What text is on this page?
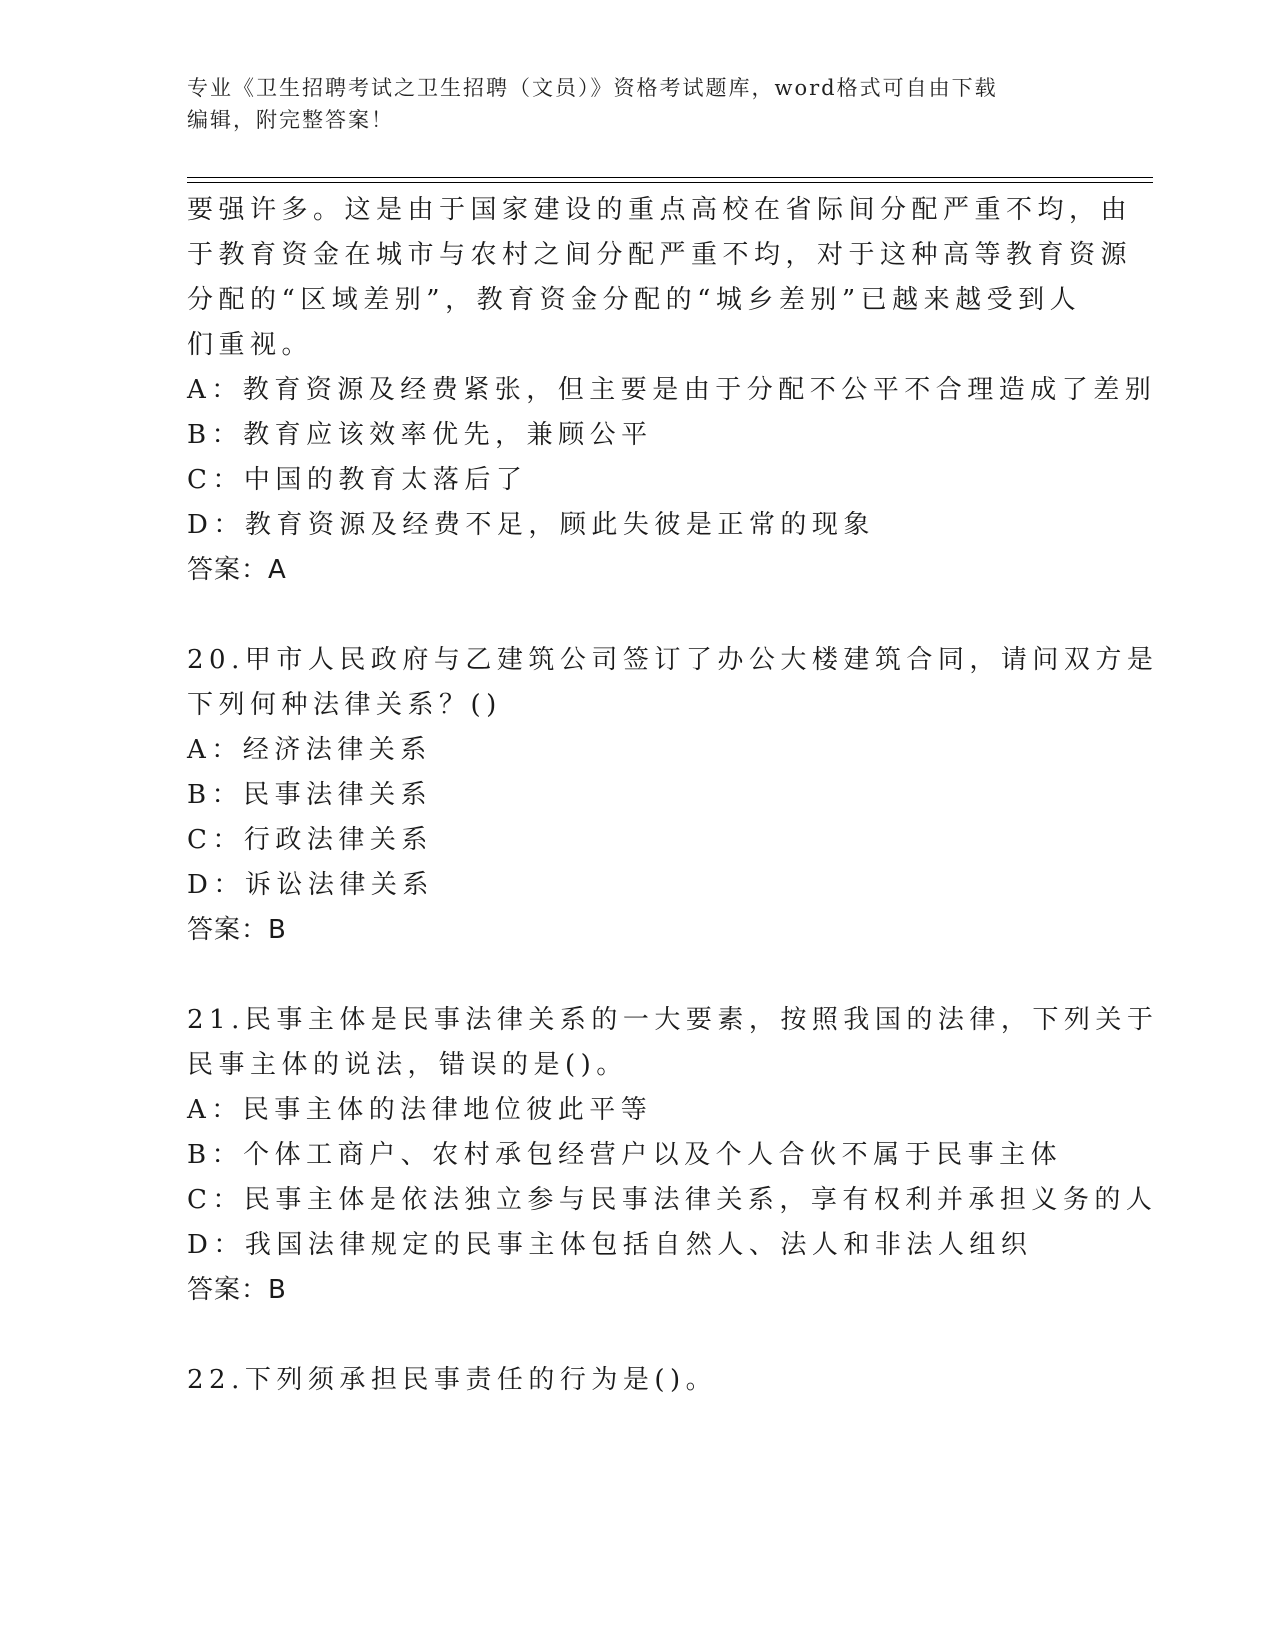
专业《卫生招聘考试之卫生招聘（文员）》资格考试题库，word格式可自由下载
编辑，附完整答案！
要强许多。这是由于国家建设的重点高校在省际间分配严重不均，由
于教育资金在城市与农村之间分配严重不均，对于这种高等教育资源
分配的“区域差别”，教育资金分配的“城乡差别”已越来越受到人
们重视。
A：教育资源及经费紧张，但主要是由于分配不公平不合理造成了差别
B：教育应该效率优先，兼顾公平
C：中国的教育太落后了
D：教育资源及经费不足，顾此失彼是正常的现象
答案：A
20.甲市人民政府与乙建筑公司签订了办公大楼建筑合同，请问双方是
下列何种法律关系？()
A：经济法律关系
B：民事法律关系
C：行政法律关系
D：诉讼法律关系
答案：B
21.民事主体是民事法律关系的一大要素，按照我国的法律，下列关于
民事主体的说法，错误的是()。
A：民事主体的法律地位彼此平等
B：个体工商户、农村承包经营户以及个人合伙不属于民事主体
C：民事主体是依法独立参与民事法律关系，享有权利并承担义务的人
D：我国法律规定的民事主体包括自然人、法人和非法人组织
答案：B
22.下列须承担民事责任的行为是()。
